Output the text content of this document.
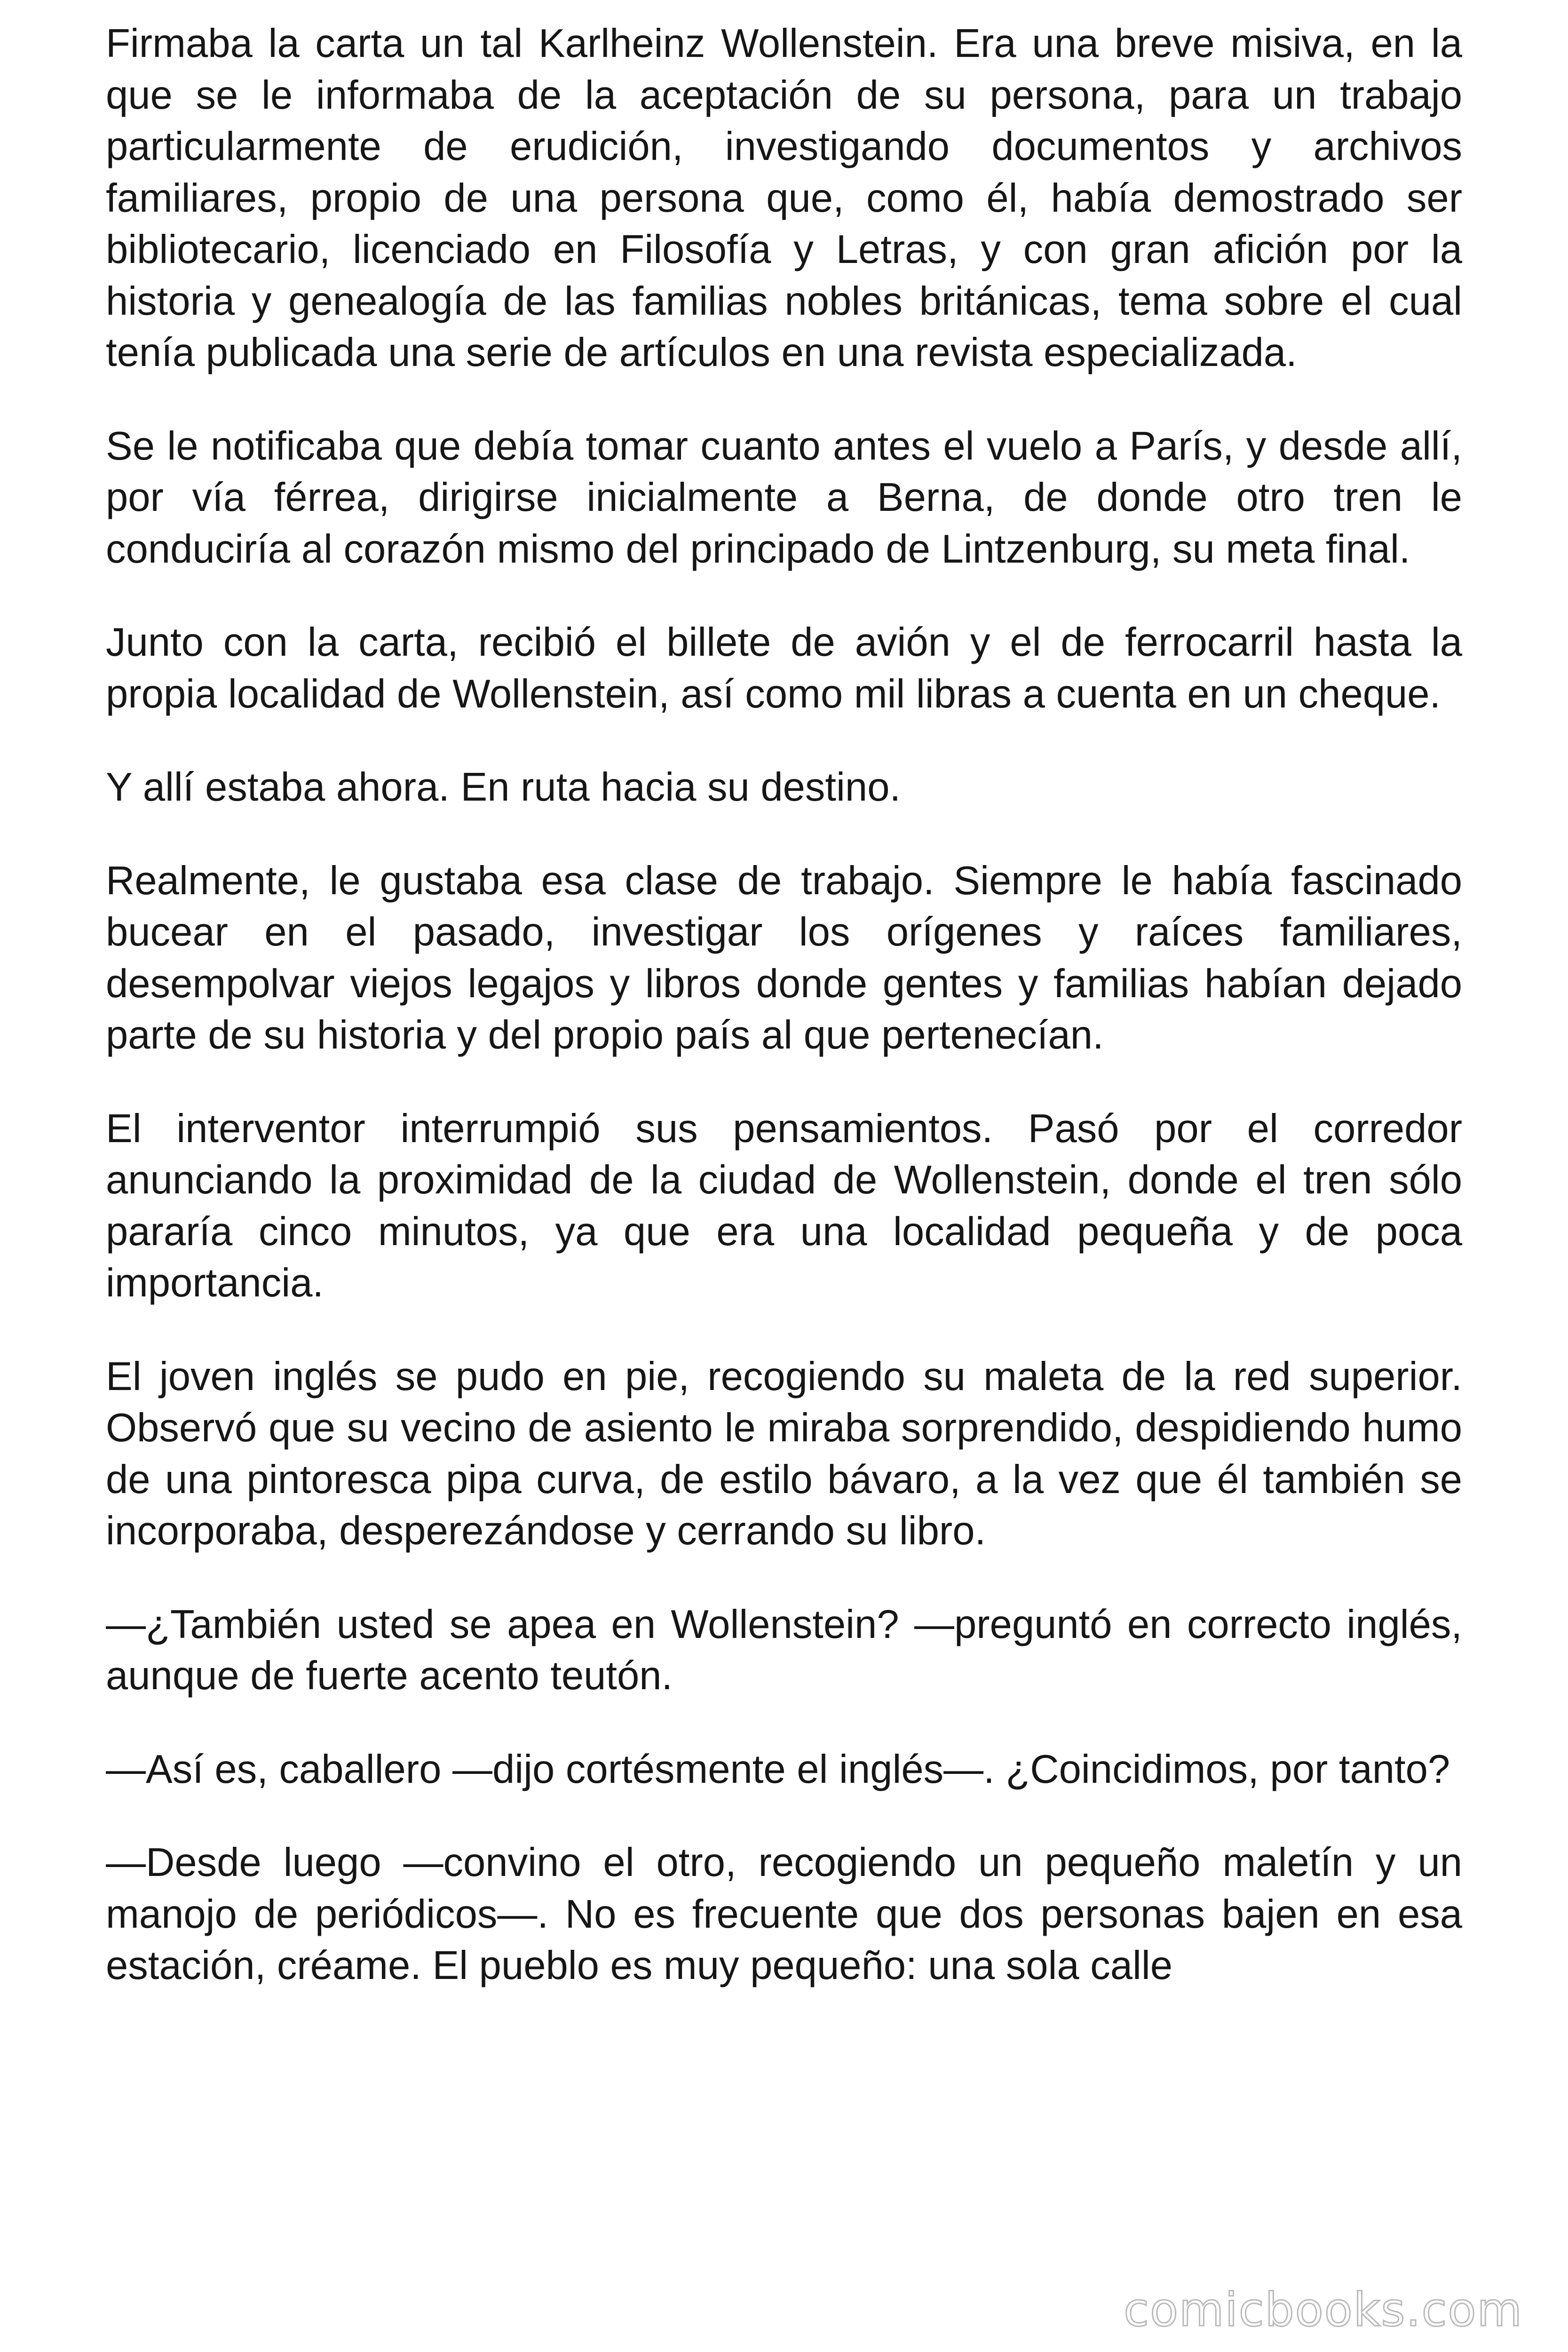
Firmaba la carta un tal Karlheinz Wollenstein. Era una breve misiva, en la que se le informaba de la aceptación de su persona, para un trabajo particularmente de erudición, investigando documentos y archivos familiares, propio de una persona que, como él, había demostrado ser bibliotecario, licenciado en Filosofía y Letras, y con gran afición por la historia y genealogía de las familias nobles británicas, tema sobre el cual tenía publicada una serie de artículos en una revista especializada.

Se le notificaba que debía tomar cuanto antes el vuelo a París, y desde allí, por vía férrea, dirigirse inicialmente a Berna, de donde otro tren le conduciría al corazón mismo del principado de Lintzenburg, su meta final.

Junto con la carta, recibió el billete de avión y el de ferrocarril hasta la propia localidad de Wollenstein, así como mil libras a cuenta en un cheque.

Y allí estaba ahora. En ruta hacia su destino.

Realmente, le gustaba esa clase de trabajo. Siempre le había fascinado bucear en el pasado, investigar los orígenes y raíces familiares, desempolvar viejos legajos y libros donde gentes y familias habían dejado parte de su historia y del propio país al que pertenecían.

El interventor interrumpió sus pensamientos. Pasó por el corredor anunciando la proximidad de la ciudad de Wollenstein, donde el tren sólo pararía cinco minutos, ya que era una localidad pequeña y de poca importancia.

El joven inglés se pudo en pie, recogiendo su maleta de la red superior. Observó que su vecino de asiento le miraba sorprendido, despidiendo humo de una pintoresca pipa curva, de estilo bávaro, a la vez que él también se incorporaba, desperezándose y cerrando su libro.

—¿También usted se apea en Wollenstein? —preguntó en correcto inglés, aunque de fuerte acento teutón.

—Así es, caballero —dijo cortésmente el inglés—. ¿Coincidimos, por tanto?

—Desde luego —convino el otro, recogiendo un pequeño maletín y un manojo de periódicos—. No es frecuente que dos personas bajen en esa estación, créame. El pueblo es muy pequeño: una sola calle

comicbooks.com
